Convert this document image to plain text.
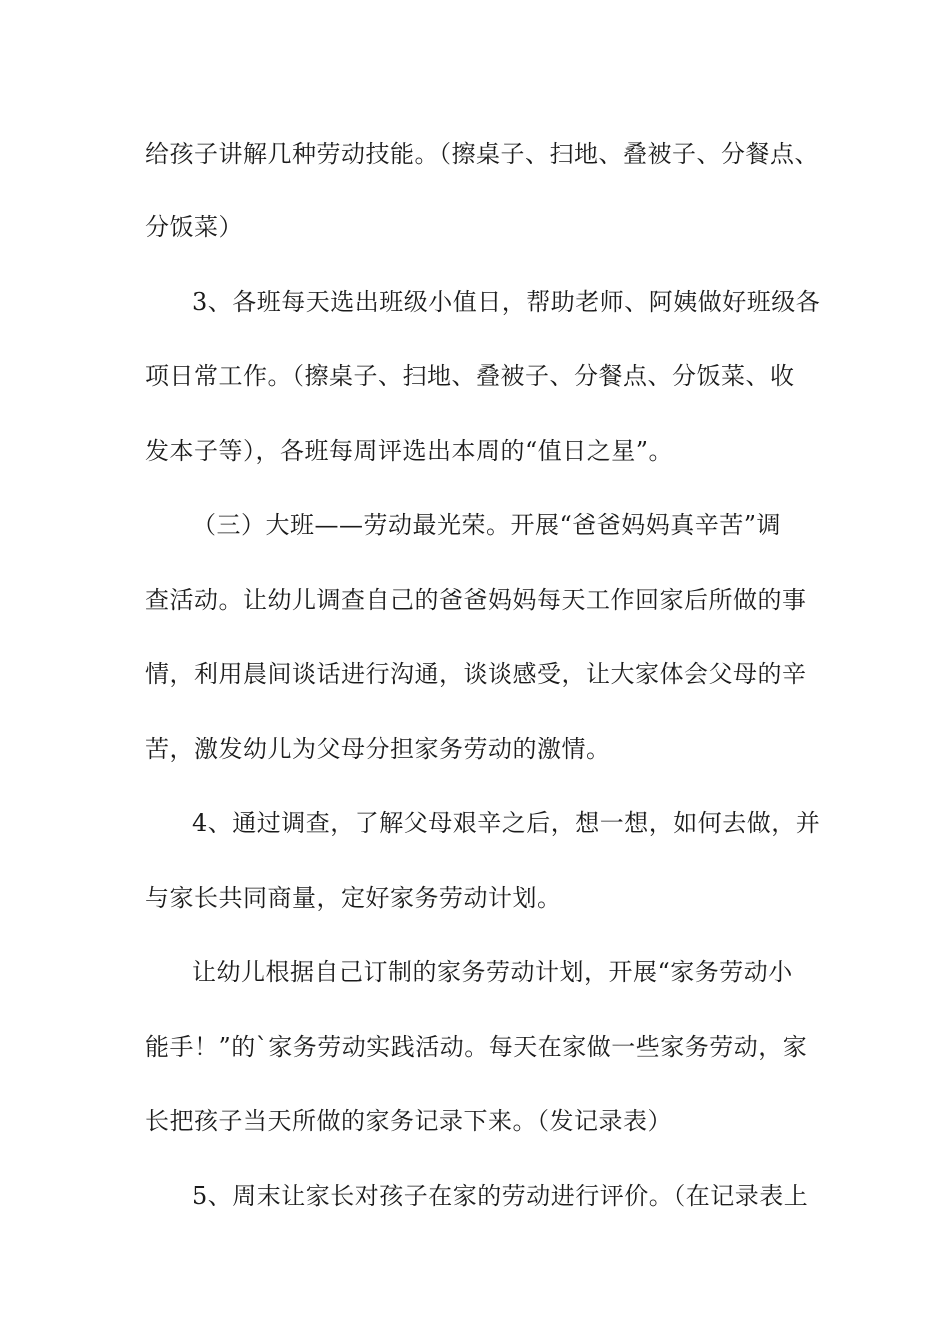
给孩子讲解几种劳动技能。（擦桌子、扫地、叠被子、分餐点、
分饭菜）
3、各班每天选出班级小值日，帮助老师、阿姨做好班级各
项日常工作。（擦桌子、扫地、叠被子、分餐点、分饭菜、收
发本子等），各班每周评选出本周的“值日之星”。
（三）大班——劳动最光荣。开展“爸爸妈妈真辛苦”调
查活动。让幼儿调查自己的爸爸妈妈每天工作回家后所做的事
情，利用晨间谈话进行沟通，谈谈感受，让大家体会父母的辛
苦，激发幼儿为父母分担家务劳动的激情。
4、通过调查，了解父母艰辛之后，想一想，如何去做，并
与家长共同商量，定好家务劳动计划。
让幼儿根据自己订制的家务劳动计划，开展“家务劳动小
能手！”的`家务劳动实践活动。每天在家做一些家务劳动，家
长把孩子当天所做的家务记录下来。（发记录表）
5、周末让家长对孩子在家的劳动进行评价。（在记录表上
